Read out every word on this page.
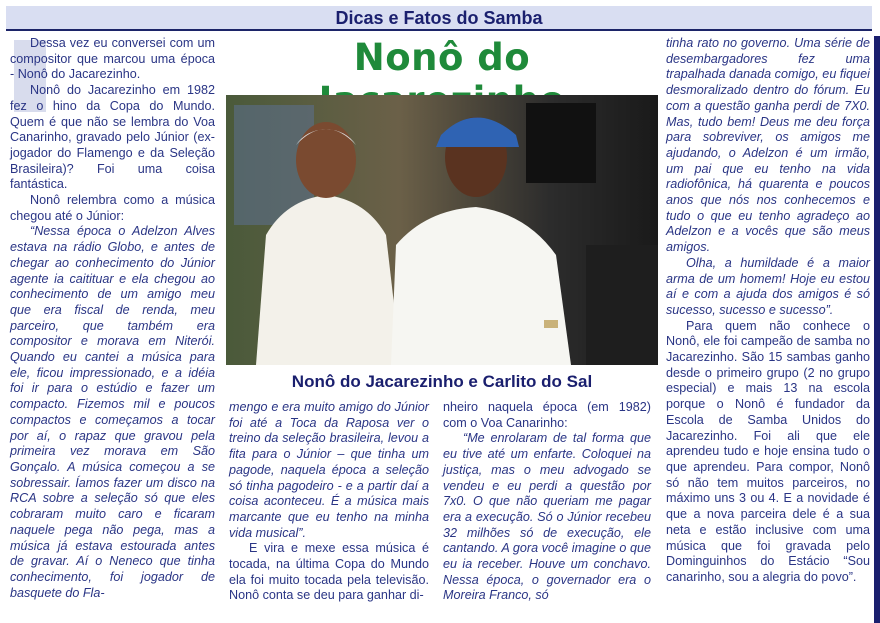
Dicas e Fatos do Samba

Dessa vez eu conversei com um compositor que marcou uma época - Nonô do Jacarezinho.

Nonô do Jacarezinho em 1982 fez o hino da Copa do Mundo. Quem é que não se lembra do Voa Canarinho, gravado pelo Júnior (ex-jogador do Flamengo e da Seleção Brasileira)? Foi uma coisa fantástica.

Nonô relembra como a música chegou até o Júnior:

“Nessa época o Adelzon Alves estava na rádio Globo, e antes de chegar ao conhecimento do Júnior agente ia caitituar e ela chegou ao conhecimento de um amigo meu que era fiscal de renda, meu parceiro, que também era compositor e morava em Niterói. Quando eu cantei a música para ele, ficou impressionado, e a idéia foi ir para o estúdio e fazer um compacto. Fizemos mil e poucos compactos e começamos a tocar por aí, o rapaz que gravou pela primeira vez morava em São Gonçalo. A música começou a se sobressair. Íamos fazer um disco na RCA sobre a seleção só que eles cobraram muito caro e ficaram naquele pega não pega, mas a música já estava estourada antes de gravar. Aí o Neneco que tinha conhecimento, foi jogador de basquete do Fla-

Nonô do
Nonô do Jacarezinho e Carlito do Sal

mengo e era muito amigo do Júnior foi até a Toca da Raposa ver o treino da seleção brasileira, levou a fita para o Júnior – que tinha um pagode, naquela época a seleção só tinha pagodeiro - e a partir daí a coisa aconteceu. É a música mais marcante que eu tenho na minha vida musical”.

E vira e mexe essa música é tocada, na última Copa do Mundo ela foi muito tocada pela televisão. Nonô conta se deu para ganhar di-

nheiro naquela época (em 1982) com o Voa Canarinho:

“Me enrolaram de tal forma que eu tive até um enfarte. Coloquei na justiça, mas o meu advogado se vendeu e eu perdi a questão por 7x0. O que não queriam me pagar era a execução. Só o Júnior recebeu 32 milhões só de execução, ele cantando. A gora você imagine o que eu ia receber. Houve um conchavo. Nessa época, o governador era o Moreira Franco, só

tinha rato no governo. Uma série de desembargadores fez uma trapalhada danada comigo, eu fiquei desmoralizado dentro do fórum. Eu com a questão ganha perdi de 7X0. Mas, tudo bem! Deus me deu força para sobreviver, os amigos me ajudando, o Adelzon é um irmão, um pai que eu tenho na vida radiofônica, há quarenta e poucos anos que nós nos conhecemos e tudo o que eu tenho agradeço ao Adelzon e a vocês que são meus amigos.

Olha, a humildade é a maior arma de um homem! Hoje eu estou aí e com a ajuda dos amigos é só sucesso, sucesso e sucesso”.

Para quem não conhece o Nonô, ele foi campeão de samba no Jacarezinho. São 15 sambas ganho desde o primeiro grupo (2 no grupo especial) e mais 13 na escola porque o Nonô é fundador da Escola de Samba Unidos do Jacarezinho. Foi ali que ele aprendeu tudo e hoje ensina tudo o que aprendeu. Para compor, Nonô só não tem muitos parceiros, no máximo uns 3 ou 4. E a novidade é que a nova parceira dele é a sua neta e estão inclusive com uma música que foi gravada pelo Dominguinhos do Estácio “Sou canarinho, sou a alegria do povo”.
